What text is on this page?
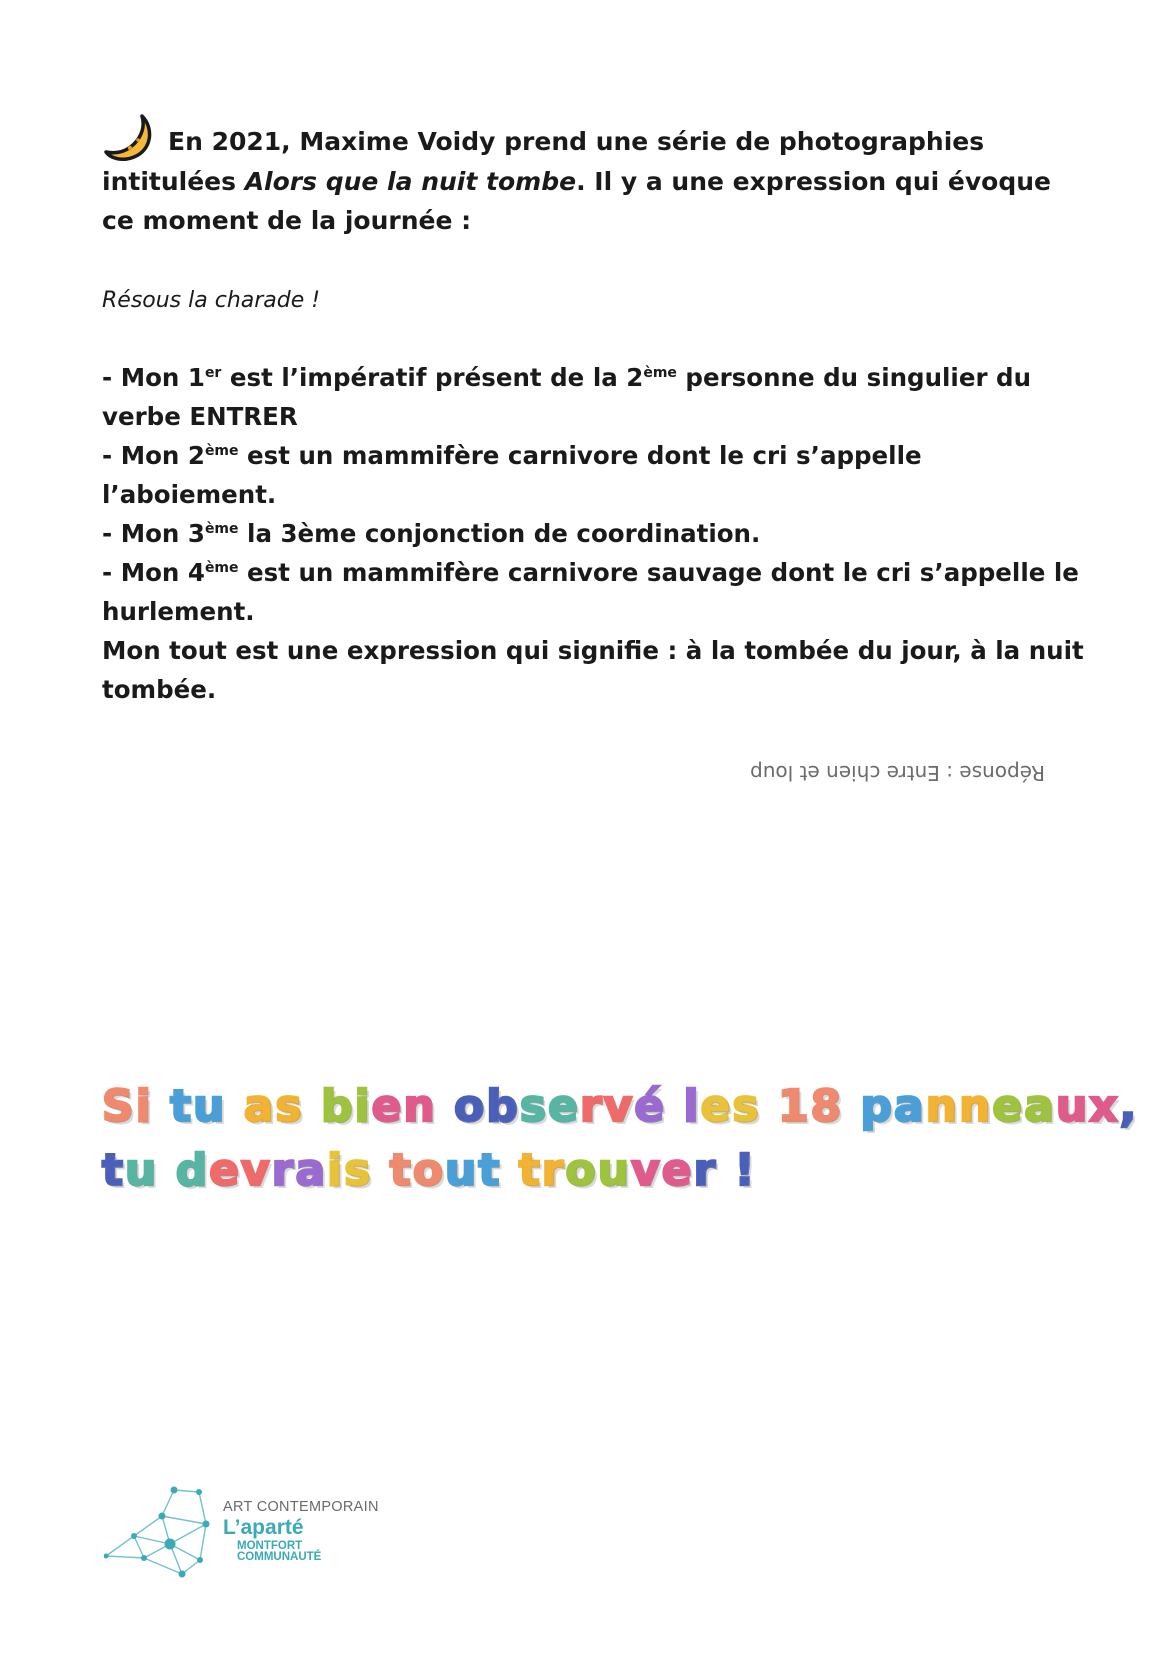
En 2021, Maxime Voidy prend une série de photographies intitulées Alors que la nuit tombe. Il y a une expression qui évoque ce moment de la journée :

Résous la charade !

- Mon 1er est l’impératif présent de la 2ème personne du singulier du verbe ENTRER
- Mon 2ème est un mammifère carnivore dont le cri s’appelle l’aboiement.
- Mon 3ème la 3ème conjonction de coordination.
- Mon 4ème est un mammifère carnivore sauvage dont le cri s’appelle le hurlement.
Mon tout est une expression qui signifie : à la tombée du jour, à la nuit tombée.
Réponse : Entre chien et loup
Si tu as bien observé les 18 panneaux,
tu devrais tout trouver !
ART CONTEMPORAIN
L’aparté
MONTFORT
COMMUNAUTÉ
